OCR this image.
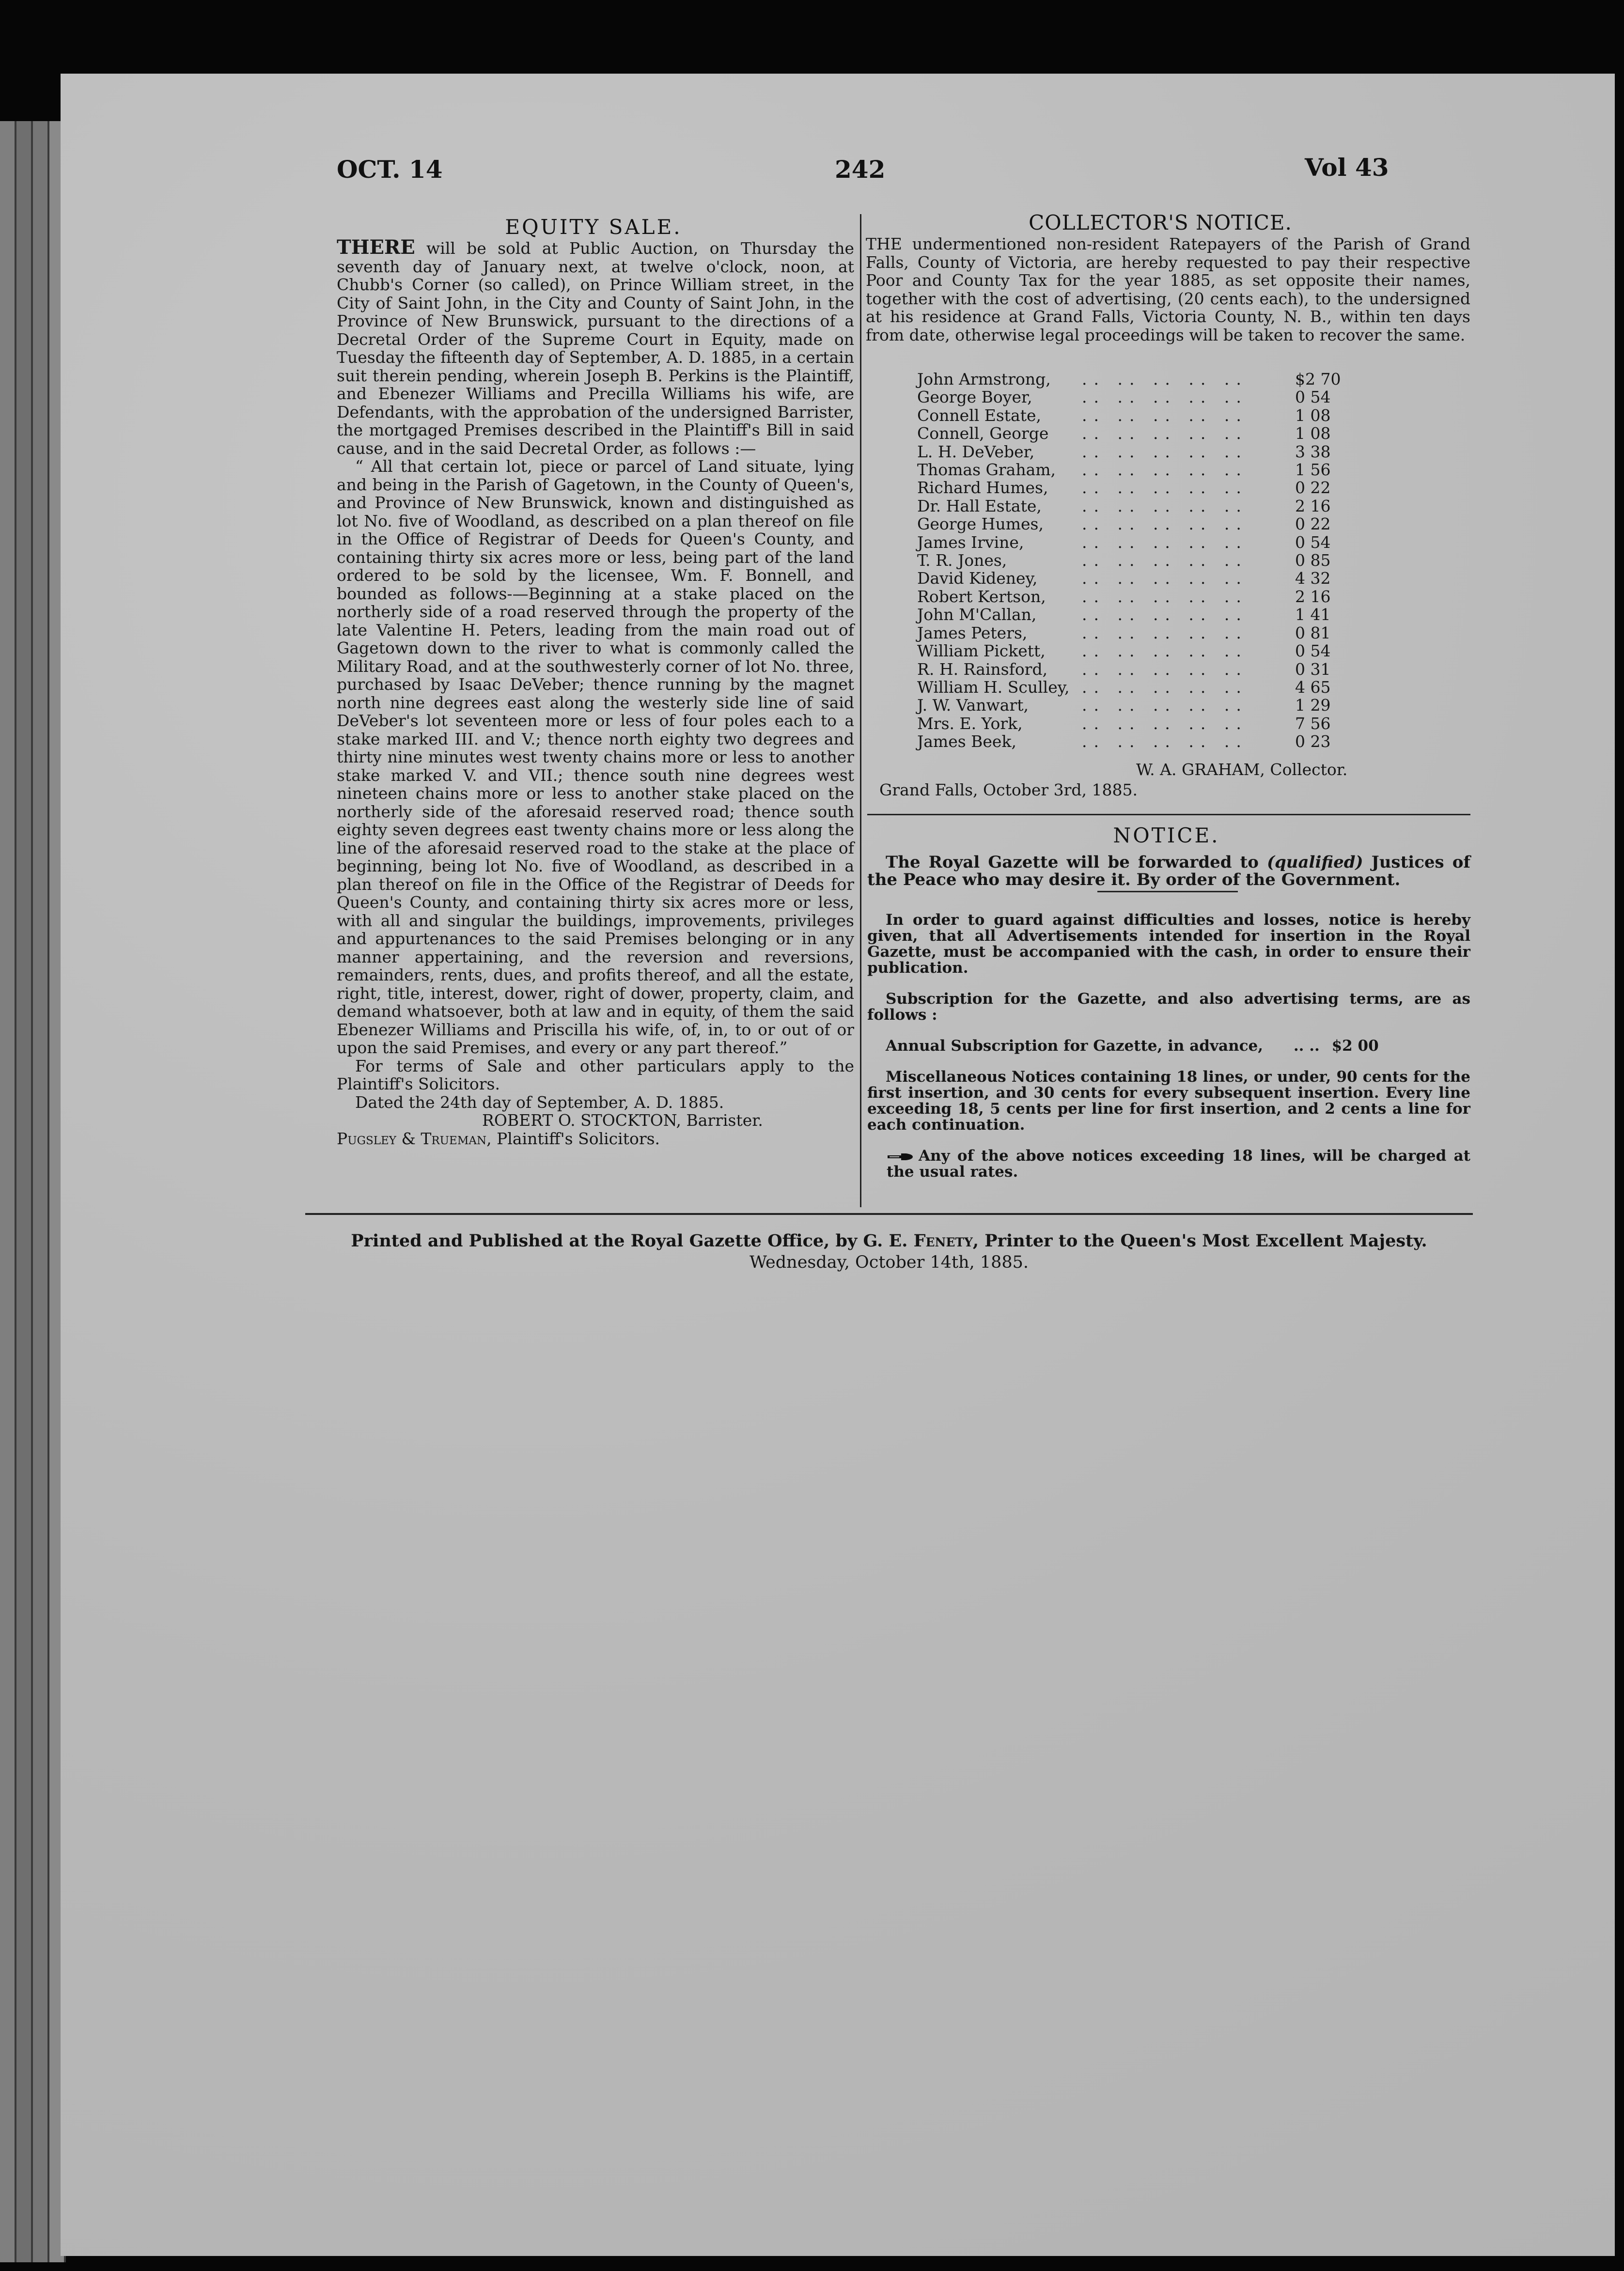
OCT. 14	242	Vol 43
EQUITY SALE.

THERE will be sold at Public Auction, on Thursday the seventh day of January next, at twelve o'clock, noon, at Chubb's Corner (so called), on Prince William street, in the City of Saint John, in the City and County of Saint John, in the Province of New Brunswick, pursuant to the directions of a Decretal Order of the Supreme Court in Equity, made on Tuesday the fifteenth day of September, A. D. 1885, in a certain suit therein pending, wherein Joseph B. Perkins is the Plaintiff, and Ebenezer Williams and Precilla Williams his wife, are Defendants, with the approbation of the undersigned Barrister, the mortgaged Premises described in the Plaintiff's Bill in said cause, and in the said Decretal Order, as follows :—

“ All that certain lot, piece or parcel of Land situate, lying and being in the Parish of Gagetown, in the County of Queen's, and Province of New Brunswick, known and distinguished as lot No. five of Woodland, as described on a plan thereof on file in the Office of Registrar of Deeds for Queen's County, and containing thirty six acres more or less, being part of the land ordered to be sold by the licensee, Wm. F. Bonnell, and bounded as follows-—Beginning at a stake placed on the northerly side of a road reserved through the property of the late Valentine H. Peters, leading from the main road out of Gagetown down to the river to what is commonly called the Military Road, and at the southwesterly corner of lot No. three, purchased by Isaac DeVeber; thence running by the magnet north nine degrees east along the westerly side line of said DeVeber's lot seventeen more or less of four poles each to a stake marked III. and V.; thence north eighty two degrees and thirty nine minutes west twenty chains more or less to another stake marked V. and VII.; thence south nine degrees west nineteen chains more or less to another stake placed on the northerly side of the aforesaid reserved road; thence south eighty seven degrees east twenty chains more or less along the line of the aforesaid reserved road to the stake at the place of beginning, being lot No. five of Woodland, as described in a plan thereof on file in the Office of the Registrar of Deeds for Queen's County, and containing thirty six acres more or less, with all and singular the buildings, improvements, privileges and appurtenances to the said Premises belonging or in any manner appertaining, and the reversion and reversions, remainders, rents, dues, and profits thereof, and all the estate, right, title, interest, dower, right of dower, property, claim, and demand whatsoever, both at law and in equity, of them the said Ebenezer Williams and Priscilla his wife, of, in, to or out of or upon the said Premises, and every or any part thereof.”

For terms of Sale and other particulars apply to the Plaintiff's Solicitors.

Dated the 24th day of September, A. D. 1885.

ROBERT O. STOCKTON, Barrister.

Pugsley & Trueman, Plaintiff's Solicitors.

COLLECTOR'S NOTICE.
THE undermentioned non-resident Ratepayers of the Parish of Grand Falls, County of Victoria, are hereby requested to pay their respective Poor and County Tax for the year 1885, as set opposite their names, together with the cost of advertising, (20 cents each), to the undersigned at his residence at Grand Falls, Victoria County, N. B., within ten days from date, otherwise legal proceedings will be taken to recover the same.
John Armstrong,	.. .. .. .. ..	$2 70
George Boyer,	.. .. .. .. ..	0 54
Connell Estate,	.. .. .. .. ..	1 08
Connell, George	.. .. .. .. ..	1 08
L. H. DeVeber,	.. .. .. .. ..	3 38
Thomas Graham,	.. .. .. .. ..	1 56
Richard Humes,	.. .. .. .. ..	0 22
Dr. Hall Estate,	.. .. .. .. ..	2 16
George Humes,	.. .. .. .. ..	0 22
James Irvine,	.. .. .. .. ..	0 54
T. R. Jones,	.. .. .. .. ..	0 85
David Kideney,	.. .. .. .. ..	4 32
Robert Kertson,	.. .. .. .. ..	2 16
John M'Callan,	.. .. .. .. ..	1 41
James Peters,	.. .. .. .. ..	0 81
William Pickett,	.. .. .. .. ..	0 54
R. H. Rainsford,	.. .. .. .. ..	0 31
William H. Sculley,	.. .. .. .. ..	4 65
J. W. Vanwart,	.. .. .. .. ..	1 29
Mrs. E. York,	.. .. .. .. ..	7 56
James Beek,	.. .. .. .. ..	0 23
W. A. GRAHAM, Collector.
Grand Falls, October 3rd, 1885.
NOTICE.

The Royal Gazette will be forwarded to (qualified) Justices of the Peace who may desire it. By order of the Government.

In order to guard against difficulties and losses, notice is hereby given, that all Advertisements intended for insertion in the Royal Gazette, must be accompanied with the cash, in order to ensure their publication.

Subscription for the Gazette, and also advertising terms, are as follows :

Annual Subscription for Gazette, in advance, .. .. $2 00

Miscellaneous Notices containing 18 lines, or under, 90 cents for the first insertion, and 30 cents for every subsequent insertion. Every line exceeding 18, 5 cents per line for first insertion, and 2 cents a line for each continuation.

Any of the above notices exceeding 18 lines, will be charged at the usual rates.

Printed and Published at the Royal Gazette Office, by G. E. Fenety, Printer to the Queen's Most Excellent Majesty.
Wednesday, October 14th, 1885.
